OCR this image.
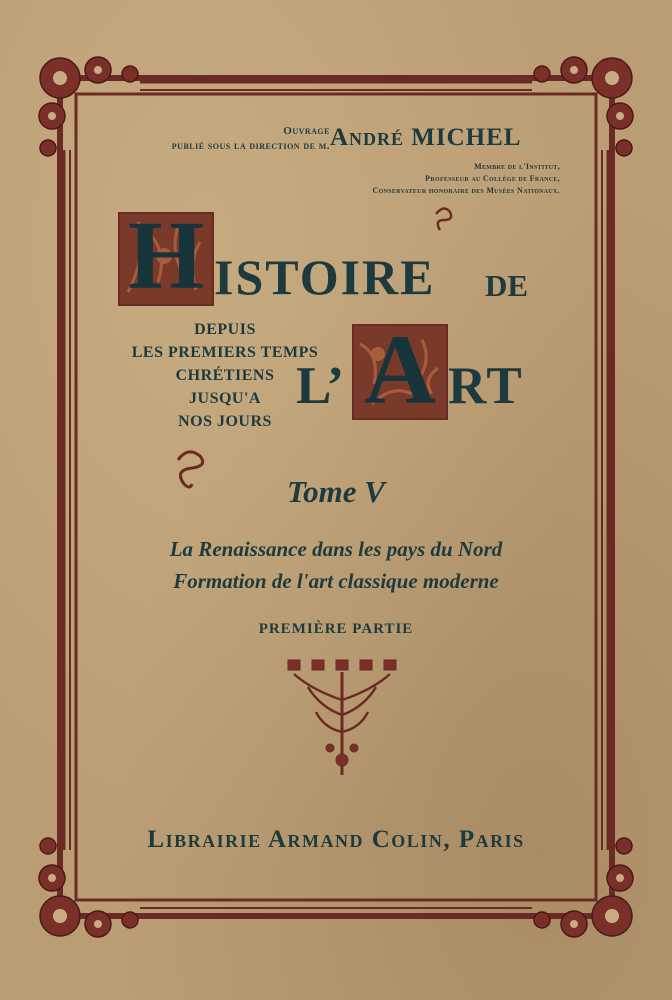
Ouvrage
publié sous la direction de m. André MICHEL
Membre de l'Institut,
Professeur au Collège de France,
Conservateur honoraire des Musées Nationaux.
H
A
ISTOIRE DE
L’ RT
DEPUIS
LES PREMIERS TEMPS
CHRÉTIENS
JUSQU'A
NOS JOURS
Tome V
La Renaissance dans les pays du Nord
Formation de l'art classique moderne
PREMIÈRE PARTIE
Librairie Armand Colin, Paris
